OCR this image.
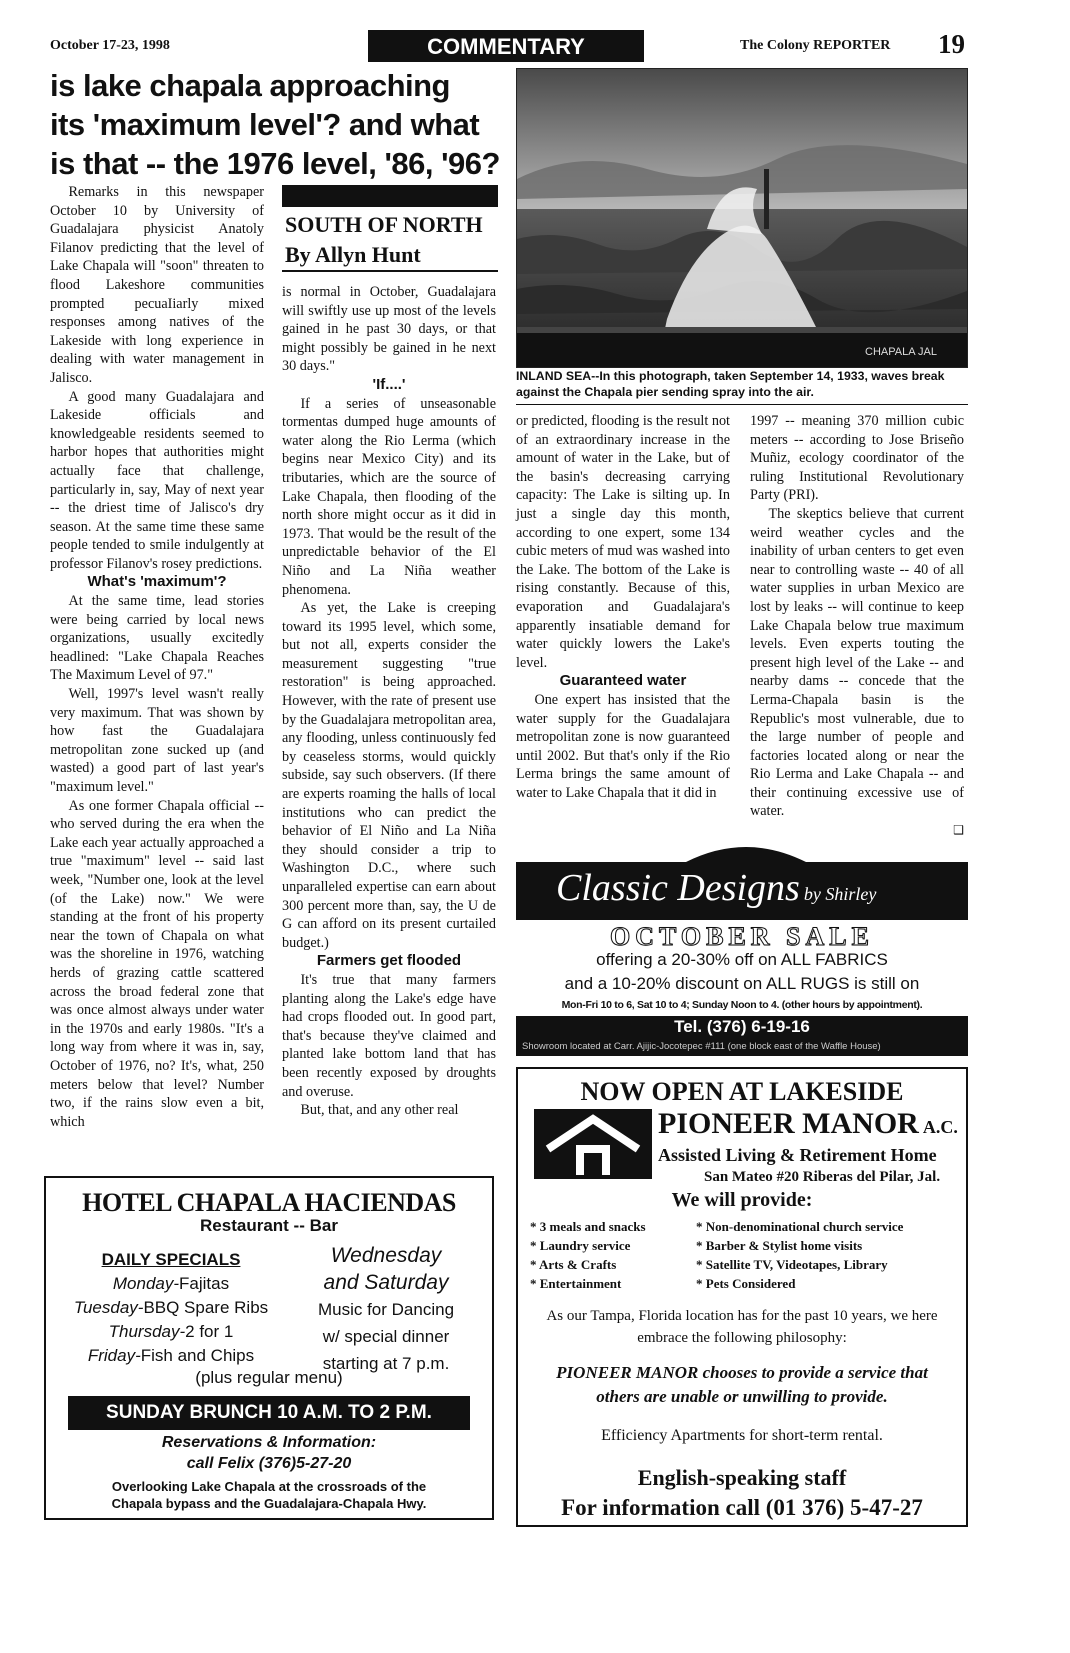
October 17-23, 1998	COMMENTARY	The Colony REPORTER 19
is lake chapala approaching
its 'maximum level'? and what
is that -- the 1976 level, '86, '96?
SOUTH OF NORTH
By Allyn Hunt
CHAPALA JAL
INLAND SEA--In this photograph, taken September 14, 1933, waves break against the Chapala pier sending spray into the air.

Remarks in this newspaper October 10 by University of Guadalajara physicist Anatoly Filanov predicting that the level of Lake Chapala will "soon" threaten to flood Lakeshore communities prompted pecuaIiarly mixed responses among natives of the Lakeside with long experience in dealing with water management in Jalisco.

A good many Guadalajara and Lakeside officials and knowledgeable residents seemed to harbor hopes that authorities might actually face that challenge, particularly in, say, May of next year -- the driest time of Jalisco's dry season. At the same time these same people tended to smile indulgently at professor Filanov's rosey predictions.

What's 'maximum'?

At the same time, lead stories were being carried by local news organizations, usually excitedly headlined: "Lake Chapala Reaches The Maximum Level of 97."

Well, 1997's level wasn't really very maximum. That was shown by how fast the Guadalajara metropolitan zone sucked up (and wasted) a good part of last year's "maximum level."

As one former Chapala official -- who served during the era when the Lake each year actually approached a true "maximum" level -- said last week, "Number one, look at the level (of the Lake) now." We were standing at the front of his property near the town of Chapala on what was the shoreline in 1976, watching herds of grazing cattle scattered across the broad federal zone that was once almost always under water in the 1970s and early 1980s. "It's a long way from where it was in, say, October of 1976, no? It's, what, 250 meters below that level? Number two, if the rains slow even a bit, which

is normal in October, Guadalajara will swiftly use up most of the levels gained in he past 30 days, or that might possibly be gained in he next 30 days."

'If....'

If a series of unseasonable tormentas dumped huge amounts of water along the Rio Lerma (which begins near Mexico City) and its tributaries, which are the source of Lake Chapala, then flooding of the north shore might occur as it did in 1973. That would be the result of the unpredictable behavior of the El Niño and La Niña weather phenomena.

As yet, the Lake is creeping toward its 1995 level, which some, but not all, experts consider the measurement suggesting "true restoration" is being approached. However, with the rate of present use by the Guadalajara metropolitan area, any flooding, unless continuously fed by ceaseless storms, would quickly subside, say such observers. (If there are experts roaming the halls of local institutions who can predict the behavior of El Niño and La Niña they should consider a trip to Washington D.C., where such unparalleled expertise can earn about 300 percent more than, say, the U de G can afford on its present curtailed budget.)

Farmers get flooded

It's true that many farmers planting along the Lake's edge have had crops flooded out. In good part, that's because they've claimed and planted lake bottom land that has been recently exposed by droughts and overuse.

But, that, and any other real

or predicted, flooding is the result not of an extraordinary increase in the amount of water in the Lake, but of the basin's decreasing carrying capacity: The Lake is silting up. In just a single day this month, according to one expert, some 134 cubic meters of mud was washed into the Lake. The bottom of the Lake is rising constantly. Because of this, evaporation and Guadalajara's apparently insatiable demand for water quickly lowers the Lake's level.

Guaranteed water

One expert has insisted that the water supply for the Guadalajara metropolitan zone is now guaranteed until 2002. But that's only if the Rio Lerma brings the same amount of water to Lake Chapala that it did in

1997 -- meaning 370 million cubic meters -- according to Jose Briseño Muñiz, ecology coordinator of the ruling Institutional Revolutionary Party (PRI).

The skeptics believe that current weird weather cycles and the inability of urban centers to get even near to controlling waste -- 40 of all water supplies in urban Mexico are lost by leaks -- will continue to keep Lake Chapala below true maximum levels. Even experts touting the present high level of the Lake -- and nearby dams -- concede that the Lerma-Chapala basin is the Republic's most vulnerable, due to the large number of people and factories located along or near the Rio Lerma and Lake Chapala -- and their continuing excessive use of water.

❑
HOTEL CHAPALA HACIENDAS
Restaurant -- Bar
DAILY SPECIALS
Monday-Fajitas
Tuesday-BBQ Spare Ribs
Thursday-2 for 1
Friday-Fish and Chips
Wednesday
and Saturday
Music for Dancing
w/ special dinner
starting at 7 p.m.
(plus regular menu)
SUNDAY BRUNCH 10 A.M. TO 2 P.M.
Reservations & Information:
call Felix (376)5-27-20
Overlooking Lake Chapala at the crossroads of the
Chapala bypass and the Guadalajara-Chapala Hwy.
Classic Designs by Shirley
OCTOBER SALE
offering a 20-30% off on ALL FABRICS
and a 10-20% discount on ALL RUGS is still on
Mon-Fri 10 to 6, Sat 10 to 4; Sunday Noon to 4. (other hours by appointment).
Tel. (376) 6-19-16
Showroom located at Carr. Ajijic-Jocotepec #111 (one block east of the Waffle House)
NOW OPEN AT LAKESIDE
PIONEER MANOR A.C.
Assisted Living & Retirement Home
San Mateo #20 Riberas del Pilar, Jal.
We will provide:
* 3 meals and snacks
* Laundry service
* Arts & Crafts
* Entertainment
* Non-denominational church service
* Barber & Stylist home visits
* Satellite TV, Videotapes, Library
* Pets Considered
As our Tampa, Florida location has for the past 10 years, we here embrace the following philosophy:
PIONEER MANOR chooses to provide a service that others are unable or unwilling to provide.
Efficiency Apartments for short-term rental.
English-speaking staff
For information call (01 376) 5-47-27
